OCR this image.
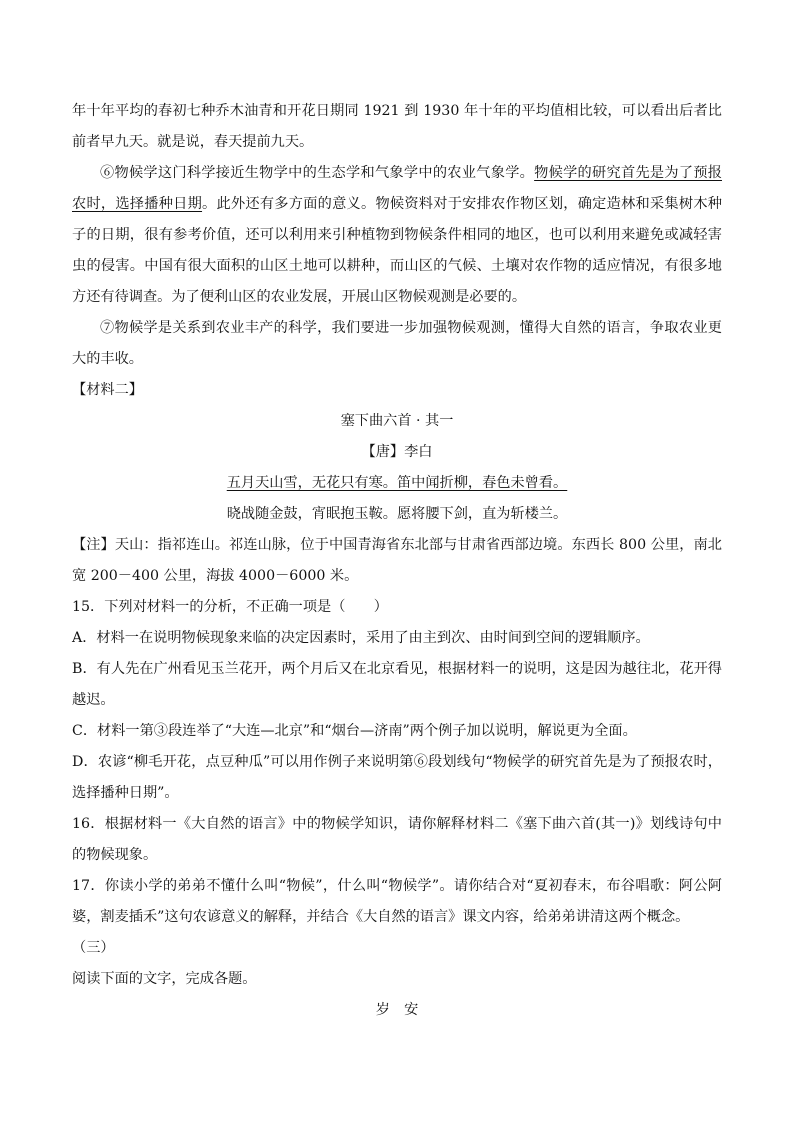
年十年平均的春初七种乔木油青和开花日期同 1921 到 1930 年十年的平均值相比较，可以看出后者比前者早九天。就是说，春天提前九天。

⑥物候学这门科学接近生物学中的生态学和气象学中的农业气象学。物候学的研究首先是为了预报农时，选择播种日期。此外还有多方面的意义。物候资料对于安排农作物区划，确定造林和采集树木种子的日期，很有参考价值，还可以利用来引种植物到物候条件相同的地区，也可以利用来避免或减轻害虫的侵害。中国有很大面积的山区土地可以耕种，而山区的气候、土壤对农作物的适应情况，有很多地方还有待调查。为了便利山区的农业发展，开展山区物候观测是必要的。

⑦物候学是关系到农业丰产的科学，我们要进一步加强物候观测，懂得大自然的语言，争取农业更大的丰收。

【材料二】

塞下曲六首 · 其一

【唐】李白

五月天山雪，无花只有寒。笛中闻折柳，春色未曾看。

晓战随金鼓，宵眠抱玉鞍。愿将腰下剑，直为斩楼兰。

【注】天山：指祁连山。祁连山脉，位于中国青海省东北部与甘肃省西部边境。东西长 800 公里，南北宽 200－400 公里，海拔 4000－6000 米。

15．下列对材料一的分析，不正确一项是（　　）

A．材料一在说明物候现象来临的决定因素时，采用了由主到次、由时间到空间的逻辑顺序。

B．有人先在广州看见玉兰花开，两个月后又在北京看见，根据材料一的说明，这是因为越往北，花开得越迟。

C．材料一第③段连举了“大连—北京”和“烟台—济南”两个例子加以说明，解说更为全面。

D．农谚“柳毛开花，点豆种瓜”可以用作例子来说明第⑥段划线句“物候学的研究首先是为了预报农时，选择播种日期”。

16．根据材料一《大自然的语言》中的物候学知识，请你解释材料二《塞下曲六首(其一)》划线诗句中的物候现象。

17．你读小学的弟弟不懂什么叫“物候”，什么叫“物候学”。请你结合对“夏初春末，布谷唱歌：阿公阿婆，割麦插禾”这句农谚意义的解释，并结合《大自然的语言》课文内容，给弟弟讲清这两个概念。

（三）

阅读下面的文字，完成各题。

岁　安
